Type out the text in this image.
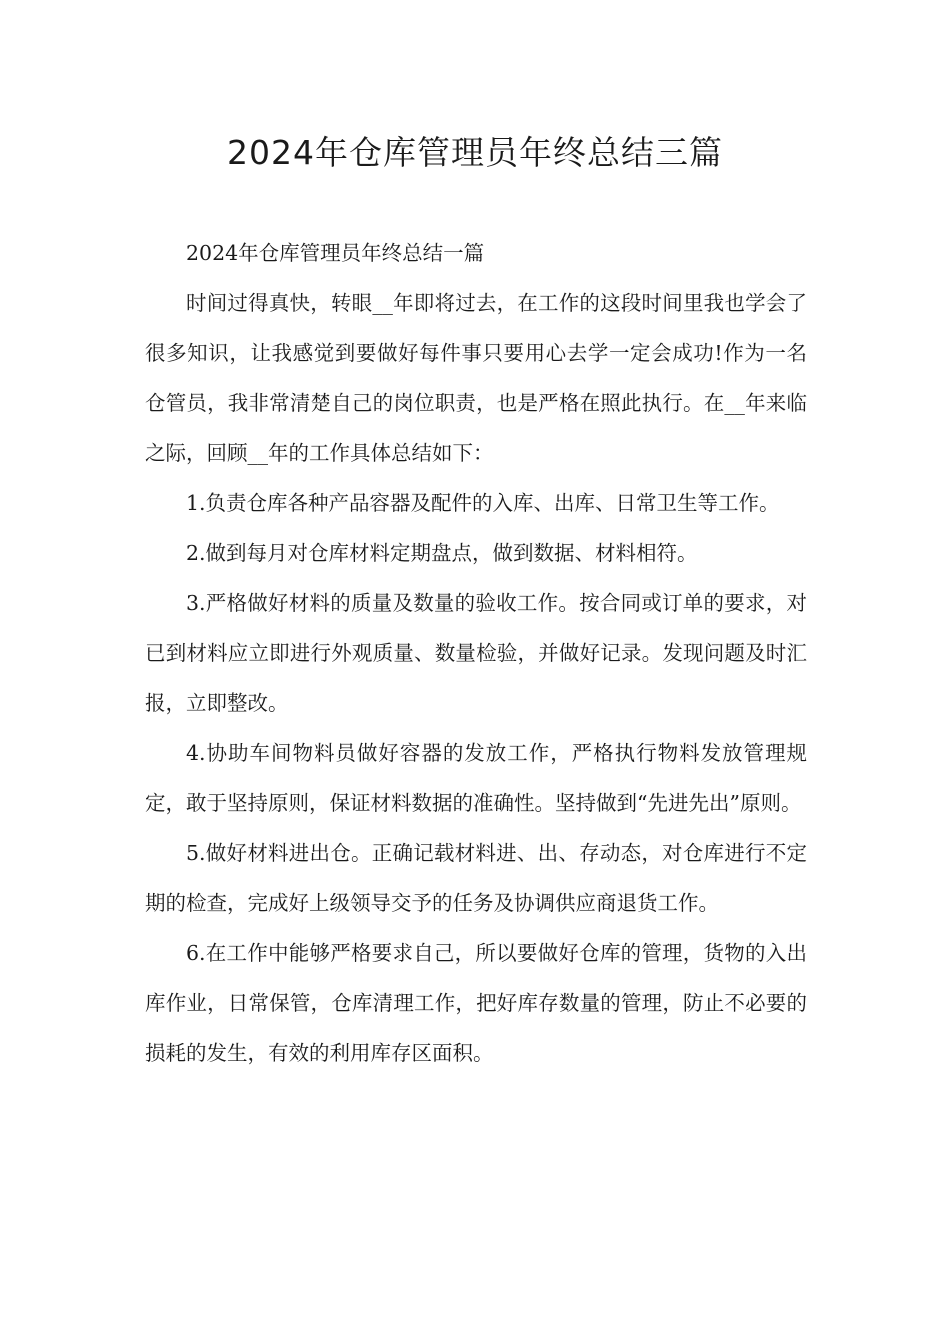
2024年仓库管理员年终总结三篇

2024年仓库管理员年终总结一篇

时间过得真快，转眼__年即将过去，在工作的这段时间里我也学会了很多知识，让我感觉到要做好每件事只要用心去学一定会成功!作为一名仓管员，我非常清楚自己的岗位职责，也是严格在照此执行。在__年来临之际，回顾__年的工作具体总结如下：

1.负责仓库各种产品容器及配件的入库、出库、日常卫生等工作。

2.做到每月对仓库材料定期盘点，做到数据、材料相符。

3.严格做好材料的质量及数量的验收工作。按合同或订单的要求，对已到材料应立即进行外观质量、数量检验，并做好记录。发现问题及时汇报，立即整改。

4.协助车间物料员做好容器的发放工作，严格执行物料发放管理规定，敢于坚持原则，保证材料数据的准确性。坚持做到“先进先出”原则。

5.做好材料进出仓。正确记载材料进、出、存动态，对仓库进行不定期的检查，完成好上级领导交予的任务及协调供应商退货工作。

6.在工作中能够严格要求自己，所以要做好仓库的管理，货物的入出库作业，日常保管，仓库清理工作，把好库存数量的管理，防止不必要的损耗的发生，有效的利用库存区面积。
